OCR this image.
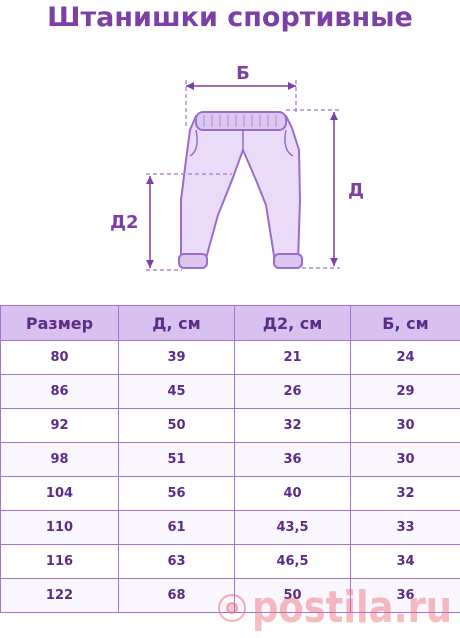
Штанишки спортивные
Б
Д
Д2
Размер	Д, см	Д2, см	Б, см
80	39	21	24
86	45	26	29
92	50	32	30
98	51	36	30
104	56	40	32
110	61	43,5	33
116	63	46,5	34
122	68	50	36
postila.ru
